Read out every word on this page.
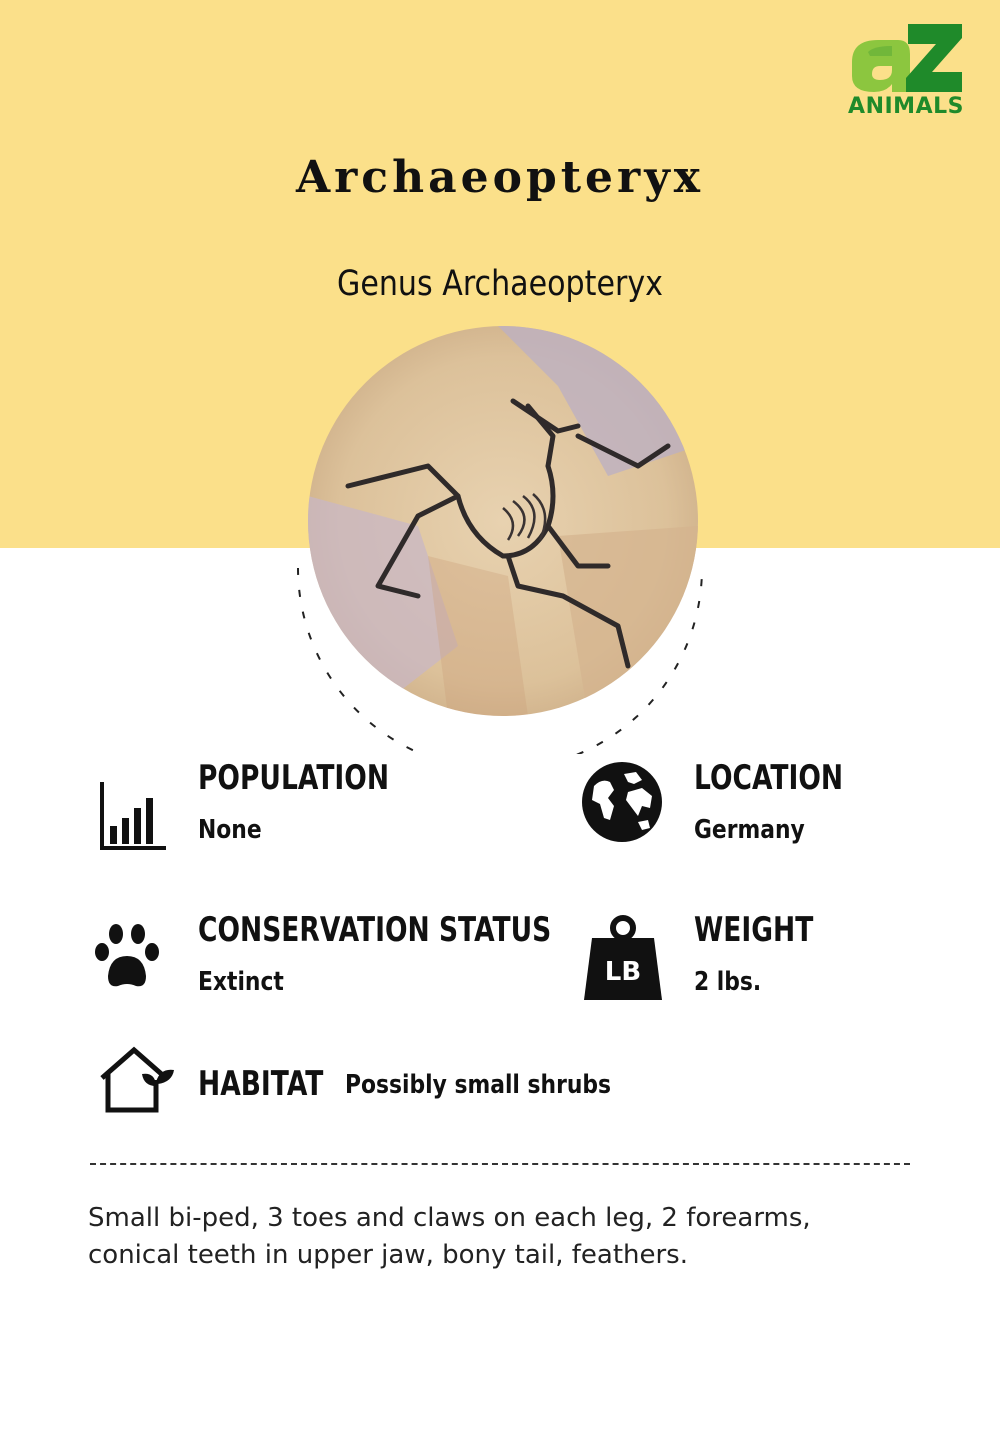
ANIMALS
Archaeopteryx
Genus Archaeopteryx
POPULATION
None
LOCATION
Germany
CONSERVATION STATUS
Extinct	LB
WEIGHT
2 lbs.
HABITAT Possibly small shrubs

Small bi-ped, 3 toes and claws on each leg, 2 forearms, conical teeth in upper jaw, bony tail, feathers.
